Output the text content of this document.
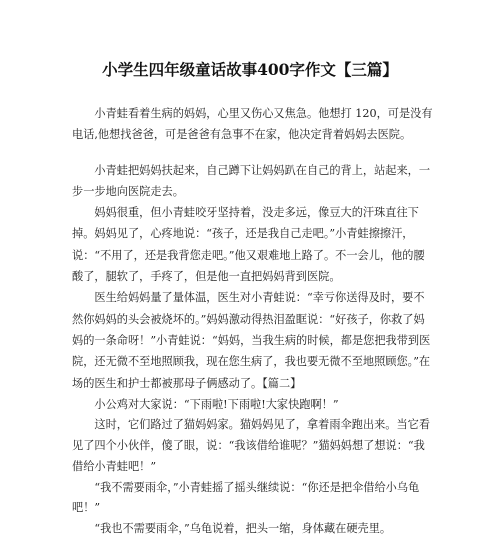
小学生四年级童话故事400字作文【三篇】

小青蛙看着生病的妈妈，心里又伤心又焦急。他想打 120，可是没有电话,他想找爸爸，可是爸爸有急事不在家，他决定背着妈妈去医院。

小青蛙把妈妈扶起来，自己蹲下让妈妈趴在自己的背上，站起来，一步一步地向医院走去。

妈妈很重，但小青蛙咬牙坚持着，没走多远，像豆大的汗珠直往下掉。妈妈见了，心疼地说：“孩子，还是我自己走吧。”小青蛙擦擦汗，说：“不用了，还是我背您走吧。”他又艰难地上路了。不一会儿，他的腰酸了，腿软了，手疼了，但是他一直把妈妈背到医院。

医生给妈妈量了量体温，医生对小青蛙说：“幸亏你送得及时，要不然你妈妈的头会被烧坏的。”妈妈激动得热泪盈眶说：“好孩子，你救了妈妈的一条命呀！”小青蛙说：“妈妈，当我生病的时候，都是您把我带到医院，还无微不至地照顾我，现在您生病了，我也要无微不至地照顾您。”在场的医生和护士都被那母子俩感动了。【篇二】

小公鸡对大家说：“下雨啦!下雨啦!大家快跑啊！”

这时，它们路过了猫妈妈家。猫妈妈见了，拿着雨伞跑出来。当它看见了四个小伙伴，傻了眼，说：“我该借给谁呢？”猫妈妈想了想说：“我借给小青蛙吧！”

“我不需要雨伞，”小青蛙摇了摇头继续说：“你还是把伞借给小乌龟吧！”

“我也不需要雨伞，”乌龟说着，把头一缩，身体藏在硬壳里。
